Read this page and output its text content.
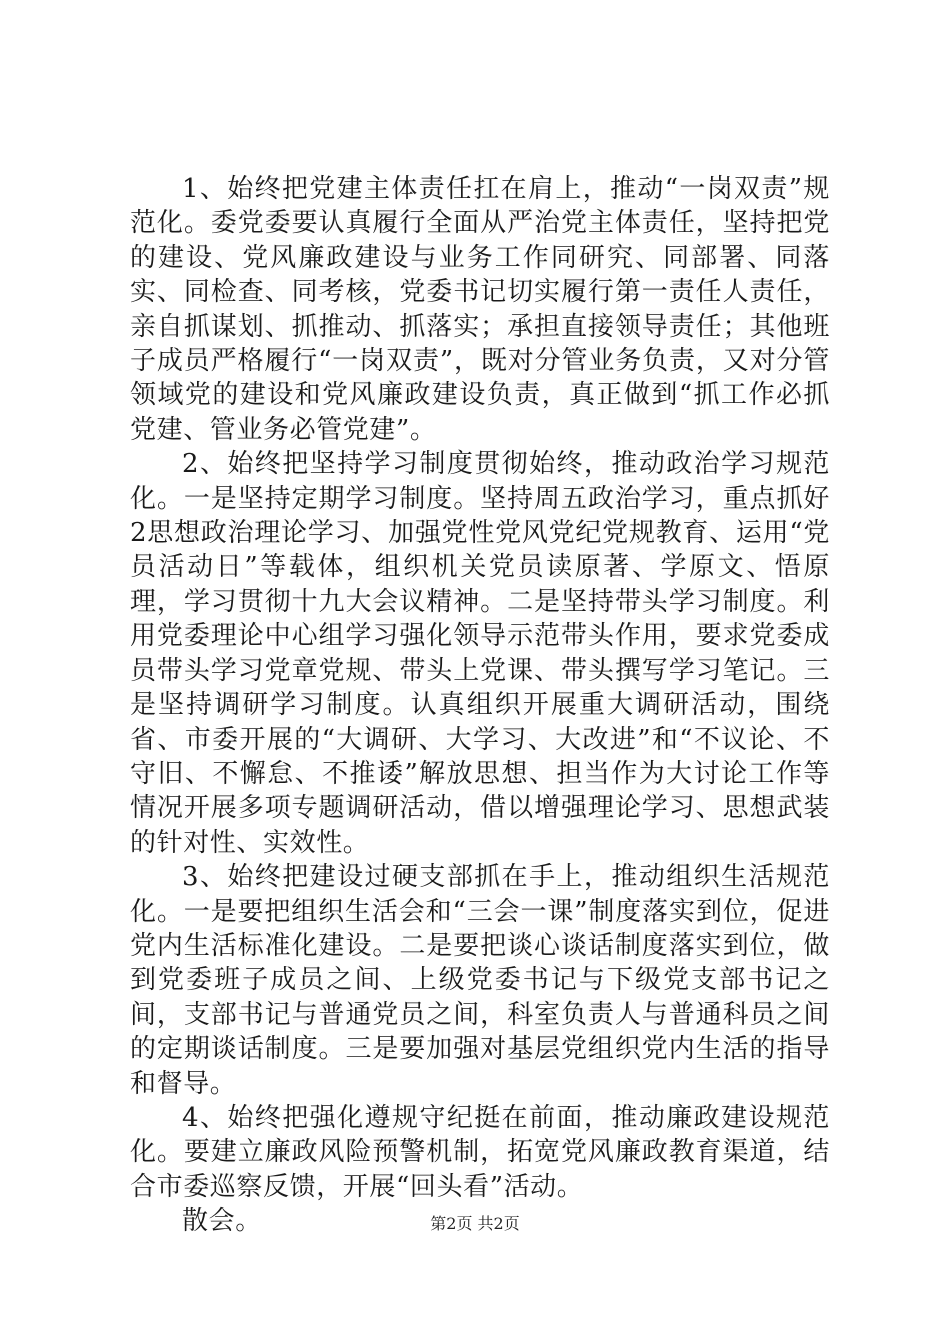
1、始终把党建主体责任扛在肩上，推动“一岗双责”规范化。委党委要认真履行全面从严治党主体责任，坚持把党的建设、党风廉政建设与业务工作同研究、同部署、同落实、同检查、同考核，党委书记切实履行第一责任人责任，亲自抓谋划、抓推动、抓落实；承担直接领导责任；其他班子成员严格履行“一岗双责”，既对分管业务负责，又对分管领域党的建设和党风廉政建设负责，真正做到“抓工作必抓党建、管业务必管党建”。

2、始终把坚持学习制度贯彻始终，推动政治学习规范化。一是坚持定期学习制度。坚持周五政治学习，重点抓好2思想政治理论学习、加强党性党风党纪党规教育、运用“党员活动日”等载体，组织机关党员读原著、学原文、悟原理，学习贯彻十九大会议精神。二是坚持带头学习制度。利用党委理论中心组学习强化领导示范带头作用，要求党委成员带头学习党章党规、带头上党课、带头撰写学习笔记。三是坚持调研学习制度。认真组织开展重大调研活动，围绕省、市委开展的“大调研、大学习、大改进”和“不议论、不守旧、不懈怠、不推诿”解放思想、担当作为大讨论工作等情况开展多项专题调研活动，借以增强理论学习、思想武装的针对性、实效性。

3、始终把建设过硬支部抓在手上，推动组织生活规范化。一是要把组织生活会和“三会一课”制度落实到位，促进党内生活标准化建设。二是要把谈心谈话制度落实到位，做到党委班子成员之间、上级党委书记与下级党支部书记之间，支部书记与普通党员之间，科室负责人与普通科员之间的定期谈话制度。三是要加强对基层党组织党内生活的指导和督导。

4、始终把强化遵规守纪挺在前面，推动廉政建设规范化。要建立廉政风险预警机制，拓宽党风廉政教育渠道，结合市委巡察反馈，开展“回头看”活动。

散会。	第2页 共2页
